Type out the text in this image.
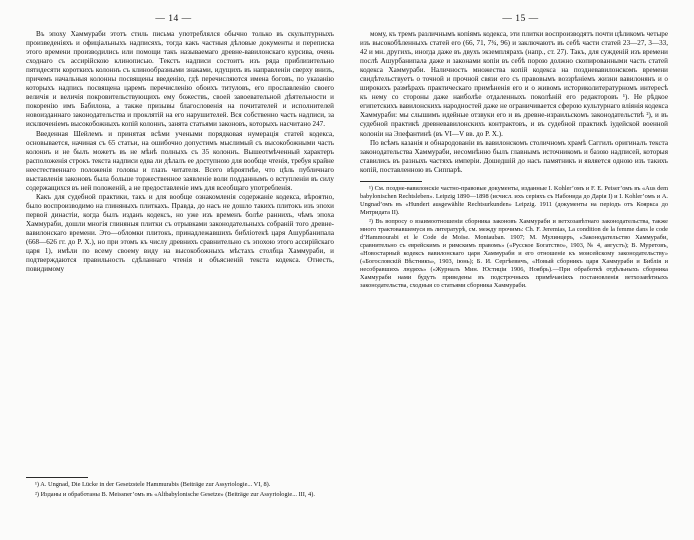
— 14 —	— 15 —

Въ эпоху Хаммураби этотъ стиль письма употреблялся обычно только въ скульптурныхъ произведеніяхъ и офиціальныхъ надписяхъ, тогда какъ частныя дѣловые документы и переписка этого времени производились или помощи такъ называемаго древне-вавилонскаго курсива, очень сходнаго съ ассирійскою клинописью. Текстъ надписи состоитъ изъ ряда приблизительно пятидесяти короткихъ колоннъ съ клинообразными знаками, идущихъ въ направленіи сверху внизъ, причемъ начальныя колонны посвящены введенію, гдѣ перечисляются имена боговъ, по указанію которыхъ надпись посвящена царемъ перечисленію обоихъ титуловъ, его прославленію своего величія и величія покровительствующихъ ему божествъ, своей завоевательной дѣятельности и покоренію имъ Бабилона, а также призывы благословенія на почитателей и исполнителей новоизданнаго законодательства и проклятій на его нарушителей. Вся собственно часть надписи, за исключеніемъ высокобожныхъ копій колоннъ, занята статьями законовъ, которыхъ насчитано 247.

Введенная Шейлемъ и принятая всѣми учеными порядковая нумерація статей кодекса, основывается, начиная съ 65 статьи, на ошибочно допустимъ мыслимый съ высокобожными часть колоннъ и не былъ можетъ въ не мѣнѣ полныхъ съ 35 колоннъ. Вышеотмѣченный характеръ расположенія строкъ текста надписи едва ли дѣлалъ ее доступною для вообще чтенія, требуя крайне неестественнаго положенія головы и глазъ читателя. Всего вѣроятнѣе, что цѣль публичнаго выставленія законовъ была больше торжественное заявленіе воли подданнымъ о вступленіи въ силу содержащихся въ ней положеній, а не предоставленіе имъ для всеобщаго употребленія.

Какъ для судебной практики, такъ и для вообще ознакомленія содержаніе кодекса, вѣроятно, было воспроизводимо на глиняныхъ плиткахъ. Правда, до насъ не дошло такихъ плитокъ изъ эпохи первой династіи, когда былъ изданъ кодексъ, но уже изъ временъ болѣе раннихъ, чѣмъ эпоха Хаммураби, дошли многія глиняныя плитки съ отрывками законодательныхъ собраній того древне-вавилонскаго времени. Это—обломки плитокъ, принадлежавшихъ библіотекѣ царя Ашурбанипала (668—626 гг. до Р. Х.), но при этомъ къ числу древнихъ сравнительно съ эпохою этого ассирійскаго царя 1), имѣли по всему своему виду на высокобожныхъ мѣстахъ столбца Хаммураби, и подтверждаются правильность сдѣланнаго чтенія и объясненій текста кодекса. Отнесть, повидимому

¹) A. Ungnad, Die Lücke in der Gesetzstele Hammurabis (Beiträge zur Assyriologie... VI, 8).

²) Изданы и обработаны B. Meissner’омъ въ «Altbabylonische Gesetze» (Beiträge zur Assyriologie... III, 4).

мому, къ тремъ различнымъ копіямъ кодекса, эти плитки воспроизводятъ почти цѣликомъ четыре изъ высокобѣленныхъ статей его (66, 71, 7¾, 96) и заключаютъ въ себѣ части статей 23—27, 3—33, 42 и мн. другихъ, иногда даже въ двухъ экземплярахъ (напр., ст. 27). Такъ, для сужденій изъ времени послѣ Ашурбанипала даже и законами копіи въ себѣ порою должно скопированными часть статей кодекса Хаммураби. Наличность множества копій кодекса на поздневавилонскомъ времени свидѣтельствуетъ о точной и прочной связи его съ правовымъ воззрѣніемъ жизни вавилонянъ и о широкихъ размѣрахъ практическаго примѣненія его и о живомъ историколитературномъ интересѣ къ нему со стороны даже наиболѣе отдаленныхъ поколѣній его редакторовъ ¹). Не рѣдкое египетскихъ вавилонскихъ народностей даже не ограничивается сферою культурнаго вліянія кодекса Хаммураби: мы слышимъ идейные отзвуки его и въ древне-израильскомъ законодательствѣ ²), и въ судебной практикѣ древневавилонскихъ контрактовъ, и въ судебной практикѣ іудейской военной колоніи на Элефантинѣ (въ VI—V вв. до Р. Х.).

По всѣмъ казанія и обнародованіи въ вавилонскомъ столичномъ храмѣ Саггилъ оригиналъ текста законодательства Хаммураби, несомнѣнно былъ главнымъ источникомъ и базою надписей, которыя ставились въ разныхъ частяхъ имперіи. Дошедшій до насъ памятникъ и является одною изъ такихъ копій, поставленною въ Сиппарѣ.

¹) См. поздне-вавилонскіе частно-правовые документы, изданные I. Kohler’омъ и F. E. Peiser’омъ въ «Aus dem babylonischen Rechtsleben». Leipzig 1890—1898 (исчисл. ихъ серіяхъ съ Набонида до Дарія I) и I. Kohler’омъ и A. Ungnad’омъ въ «Hundert ausgewählte Rechtsurkunden» Leipzig. 1911 (документы на періодъ отъ Кояркса до Митридата II).

²) Въ вопросу о взаимоотношеніи сборника законовъ Хаммураби и ветхозавѣтнаго законодательства, также много трактовавшемуся въ литературѣ, см. между прочимъ: Ch. F. Jeremias, La condition de la femme dans le code d’Hammourabi et le Code de Moïse. Montauban. 1907; М. Мулинцеръ, «Законодательство Хаммураби, сравнительно съ еврейскимъ и римскимъ правомъ» («Русское Богатство», 1903, № 4, августъ); В. Муретовъ, «Новостарный кодексъ вавилонскаго царя Хаммураби и его отношеніе къ моисейскому законодательству» («Богословскій Вѣстникъ», 1903, іюнь); Б. И. Сергѣевичъ, «Новый сборникъ царя Хаммураби и Библія и несобравшихъ людяхъ» («Журналъ Мин. Юстиціи 1906, Ноябрь).—При обработкѣ отдѣльныхъ сборника Хаммураби нами будутъ приведены въ подстрочныхъ примѣчаніяхъ постановленія ветхозавѣтныхъ законодательства, сходныя со статьями сборника Хаммураби.
